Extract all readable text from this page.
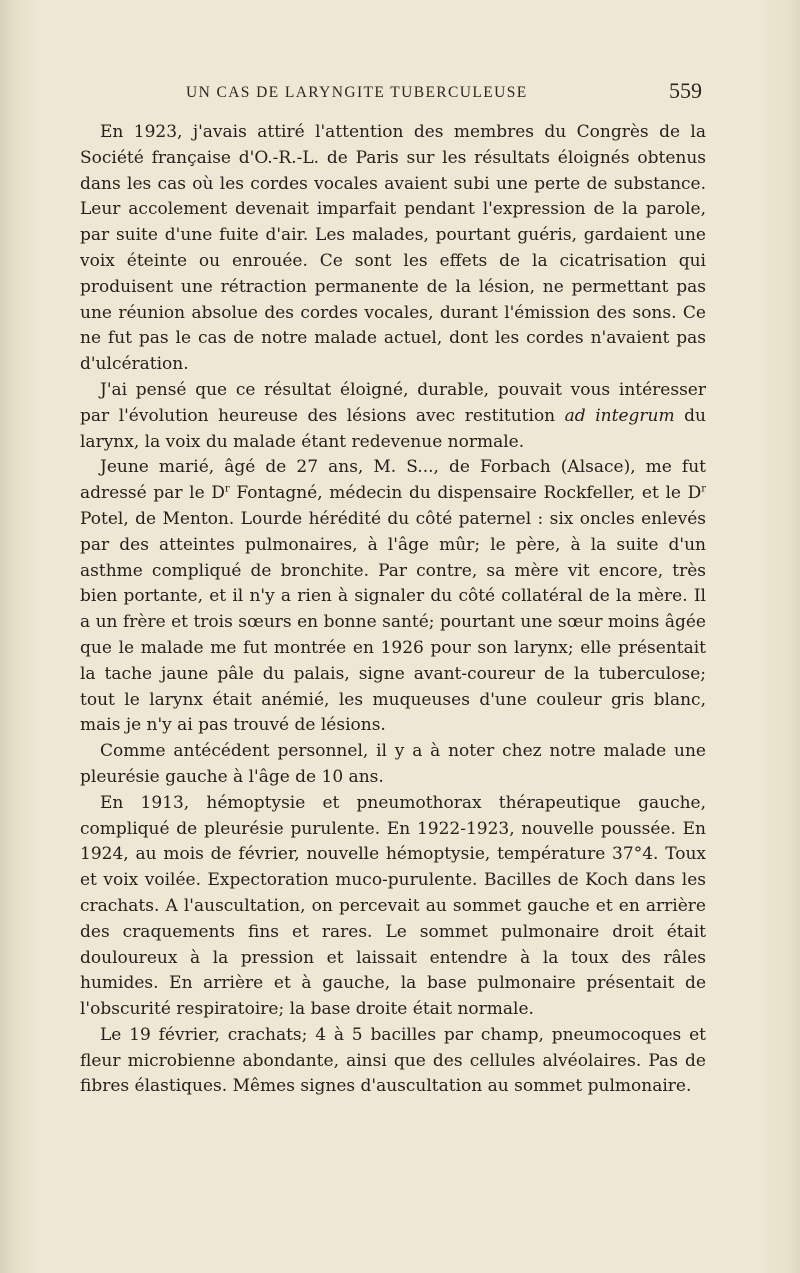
UN CAS DE LARYNGITE TUBERCULEUSE	559

En 1923, j'avais attiré l'attention des membres du Congrès de la Société française d'O.-R.-L. de Paris sur les résultats éloignés obtenus dans les cas où les cordes vocales avaient subi une perte de substance. Leur accolement devenait imparfait pendant l'expression de la parole, par suite d'une fuite d'air. Les malades, pourtant guéris, gardaient une voix éteinte ou enrouée. Ce sont les effets de la cicatrisation qui produisent une rétraction permanente de la lésion, ne permettant pas une réunion absolue des cordes vocales, durant l'émission des sons. Ce ne fut pas le cas de notre malade actuel, dont les cordes n'avaient pas d'ulcération.

J'ai pensé que ce résultat éloigné, durable, pouvait vous intéresser par l'évolution heureuse des lésions avec restitution ad integrum du larynx, la voix du malade étant redevenue normale.

Jeune marié, âgé de 27 ans, M. S..., de Forbach (Alsace), me fut adressé par le $D^r$ Fontagné, médecin du dispensaire Rockfeller, et le $D^r$ Potel, de Menton. Lourde hérédité du côté paternel : six oncles enlevés par des atteintes pulmonaires, à l'âge mûr; le père, à la suite d'un asthme compliqué de bronchite. Par contre, sa mère vit encore, très bien portante, et il n'y a rien à signaler du côté collatéral de la mère. Il a un frère et trois sœurs en bonne santé; pourtant une sœur moins âgée que le malade me fut montrée en 1926 pour son larynx; elle présentait la tache jaune pâle du palais, signe avant-coureur de la tuberculose; tout le larynx était anémié, les muqueuses d'une couleur gris blanc, mais je n'y ai pas trouvé de lésions.

Comme antécédent personnel, il y a à noter chez notre malade une pleurésie gauche à l'âge de 10 ans.

En 1913, hémoptysie et pneumothorax thérapeutique gauche, compliqué de pleurésie purulente. En 1922-1923, nouvelle poussée. En 1924, au mois de février, nouvelle hémoptysie, température 37°4. Toux et voix voilée. Expectoration muco-purulente. Bacilles de Koch dans les crachats. A l'auscultation, on percevait au sommet gauche et en arrière des craquements fins et rares. Le sommet pulmonaire droit était douloureux à la pression et laissait entendre à la toux des râles humides. En arrière et à gauche, la base pulmonaire présentait de l'obscurité respiratoire; la base droite était normale.

Le 19 février, crachats; 4 à 5 bacilles par champ, pneumocoques et fleur microbienne abondante, ainsi que des cellules alvéolaires. Pas de fibres élastiques. Mêmes signes d'auscultation au sommet pulmonaire.
